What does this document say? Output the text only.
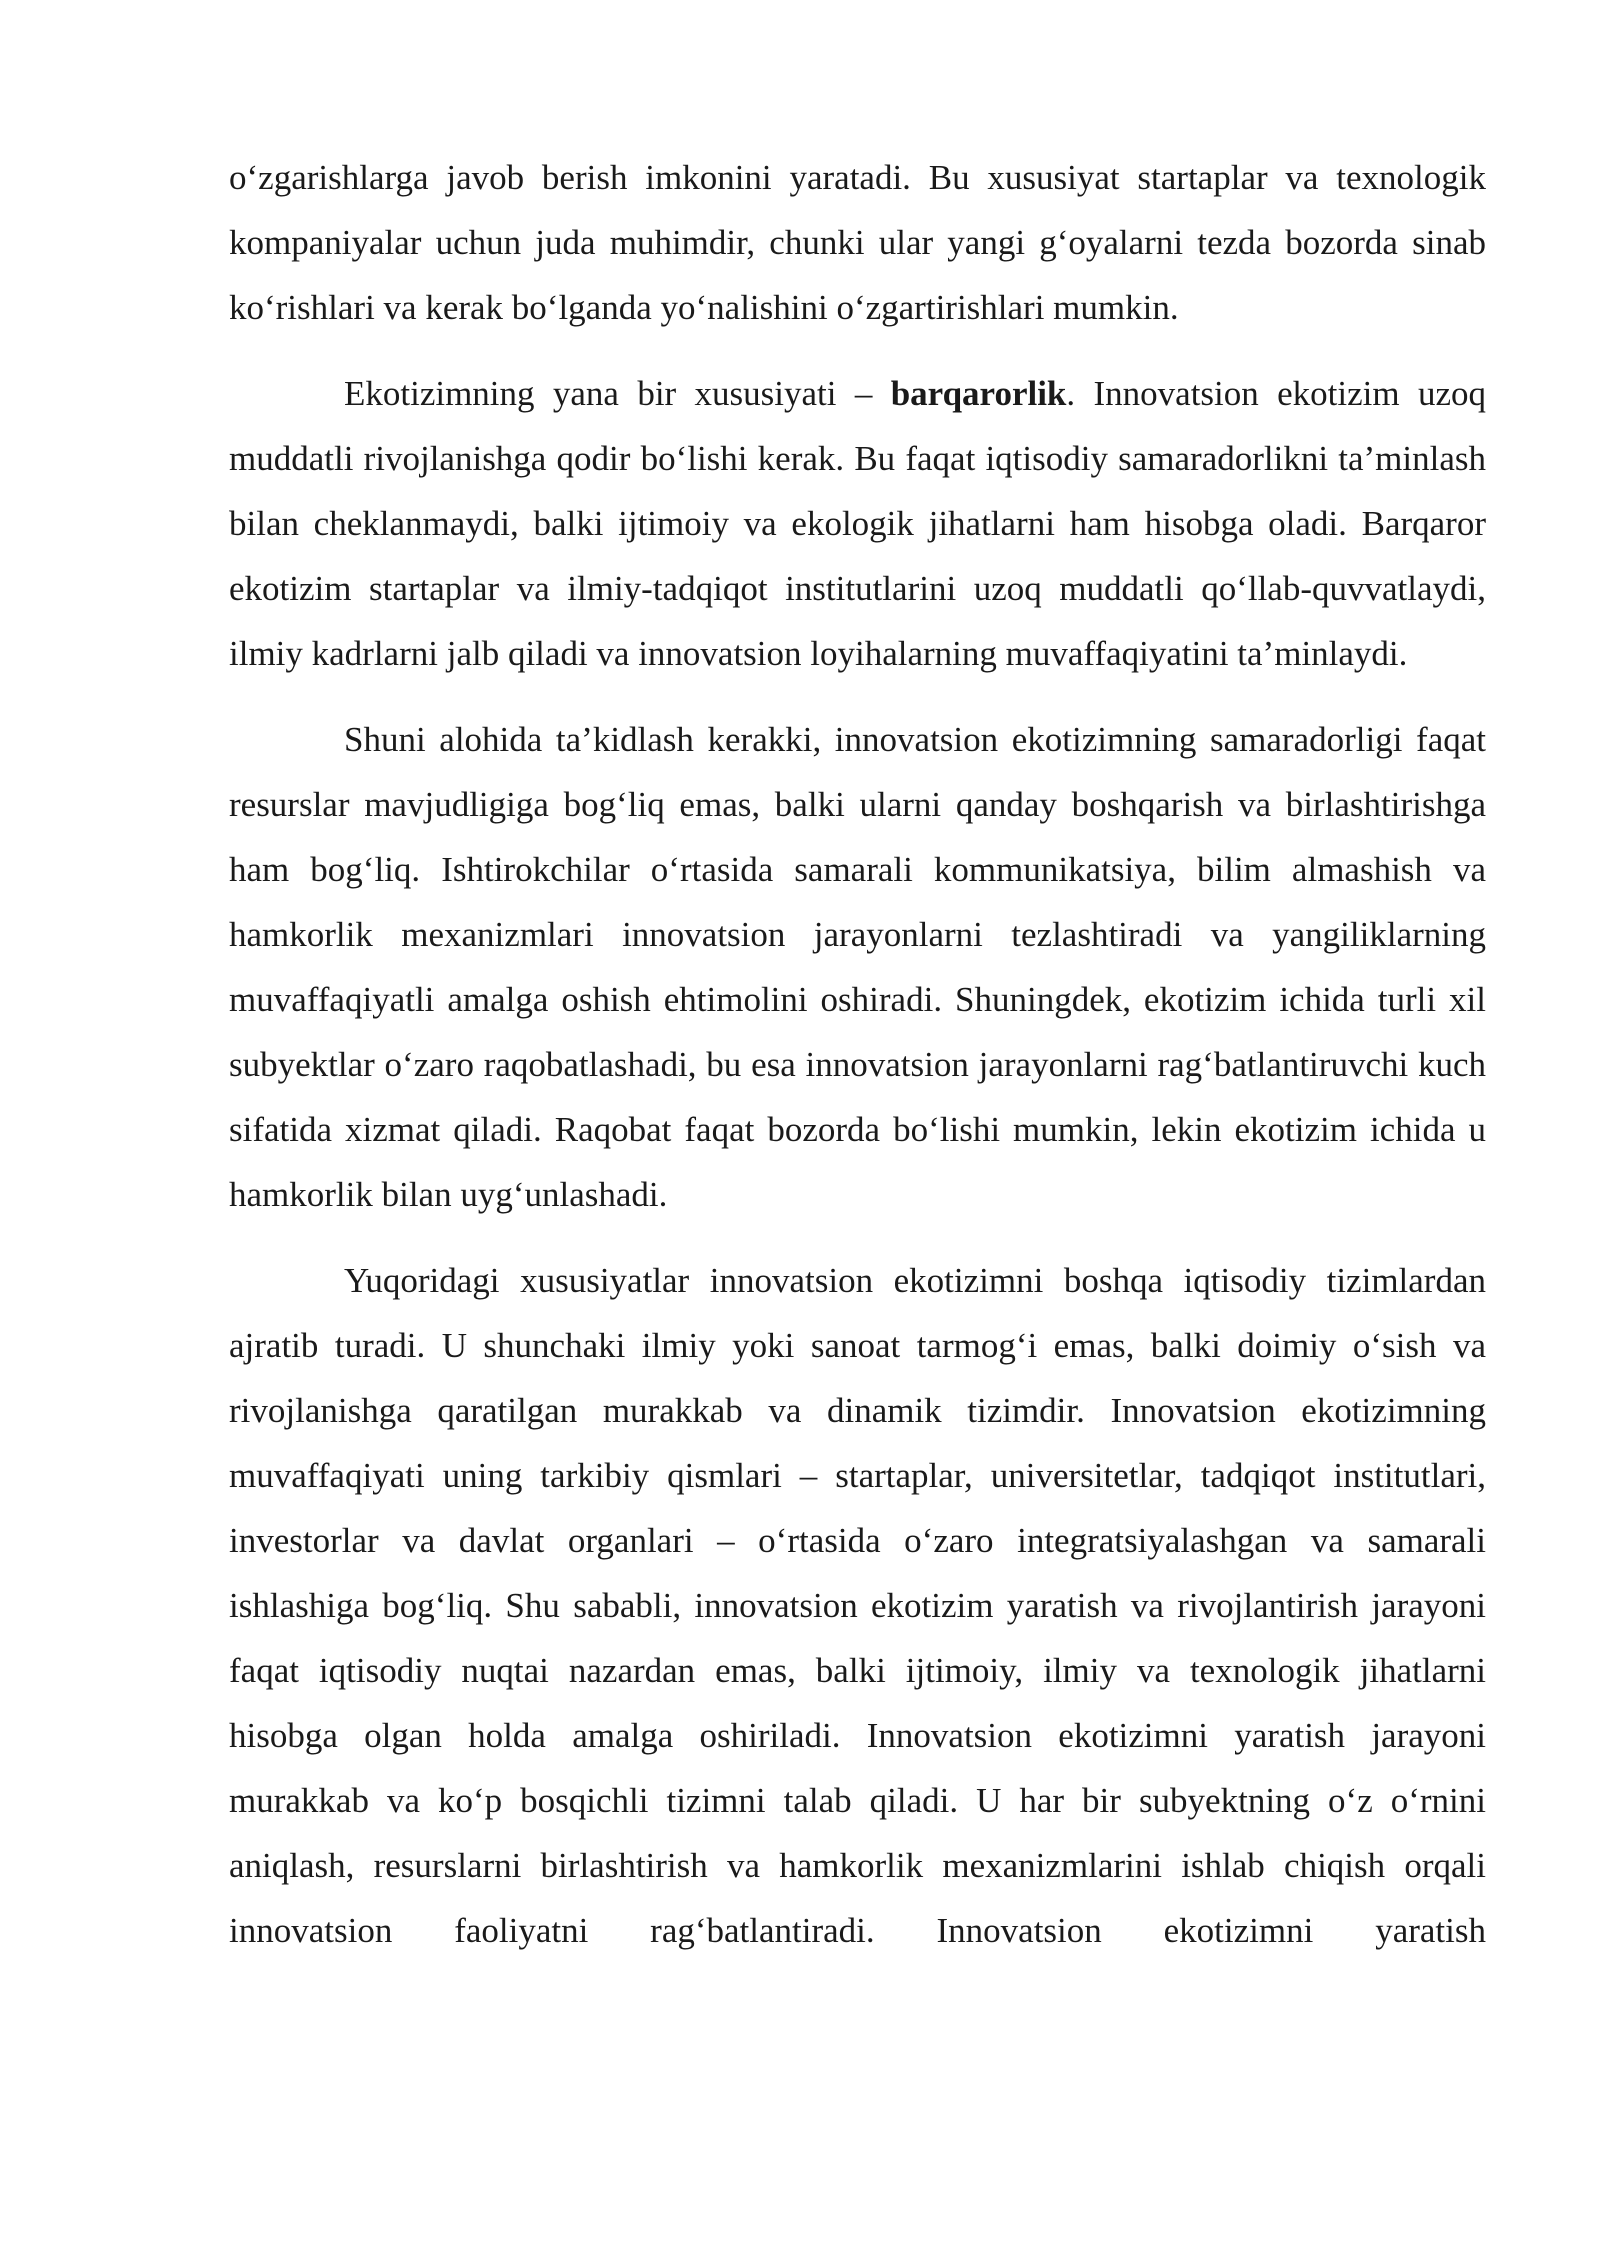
o‘zgarishlarga javob berish imkonini yaratadi. Bu xususiyat startaplar va texnologik kompaniyalar uchun juda muhimdir, chunki ular yangi g‘oyalarni tezda bozorda sinab ko‘rishlari va kerak bo‘lganda yo‘nalishini o‘zgartirishlari mumkin.

Ekotizimning yana bir xususiyati – barqarorlik. Innovatsion ekotizim uzoq muddatli rivojlanishga qodir bo‘lishi kerak. Bu faqat iqtisodiy samaradorlikni ta’minlash bilan cheklanmaydi, balki ijtimoiy va ekologik jihatlarni ham hisobga oladi. Barqaror ekotizim startaplar va ilmiy-tadqiqot institutlarini uzoq muddatli qo‘llab-quvvatlaydi, ilmiy kadrlarni jalb qiladi va innovatsion loyihalarning muvaffaqiyatini ta’minlaydi.

Shuni alohida ta’kidlash kerakki, innovatsion ekotizimning samaradorligi faqat resurslar mavjudligiga bog‘liq emas, balki ularni qanday boshqarish va birlashtirishga ham bog‘liq. Ishtirokchilar o‘rtasida samarali kommunikatsiya, bilim almashish va hamkorlik mexanizmlari innovatsion jarayonlarni tezlashtiradi va yangiliklarning muvaffaqiyatli amalga oshish ehtimolini oshiradi. Shuningdek, ekotizim ichida turli xil subyektlar o‘zaro raqobatlashadi, bu esa innovatsion jarayonlarni rag‘batlantiruvchi kuch sifatida xizmat qiladi. Raqobat faqat bozorda bo‘lishi mumkin, lekin ekotizim ichida u hamkorlik bilan uyg‘unlashadi.

Yuqoridagi xususiyatlar innovatsion ekotizimni boshqa iqtisodiy tizimlardan ajratib turadi. U shunchaki ilmiy yoki sanoat tarmog‘i emas, balki doimiy o‘sish va rivojlanishga qaratilgan murakkab va dinamik tizimdir. Innovatsion ekotizimning muvaffaqiyati uning tarkibiy qismlari – startaplar, universitetlar, tadqiqot institutlari, investorlar va davlat organlari – o‘rtasida o‘zaro integratsiyalashgan va samarali ishlashiga bog‘liq. Shu sababli, innovatsion ekotizim yaratish va rivojlantirish jarayoni faqat iqtisodiy nuqtai nazardan emas, balki ijtimoiy, ilmiy va texnologik jihatlarni hisobga olgan holda amalga oshiriladi. Innovatsion ekotizimni yaratish jarayoni murakkab va ko‘p bosqichli tizimni talab qiladi. U har bir subyektning o‘z o‘rnini aniqlash, resurslarni birlashtirish va hamkorlik mexanizmlarini ishlab chiqish orqali innovatsion faoliyatni rag‘batlantiradi. Innovatsion ekotizimni yaratish
